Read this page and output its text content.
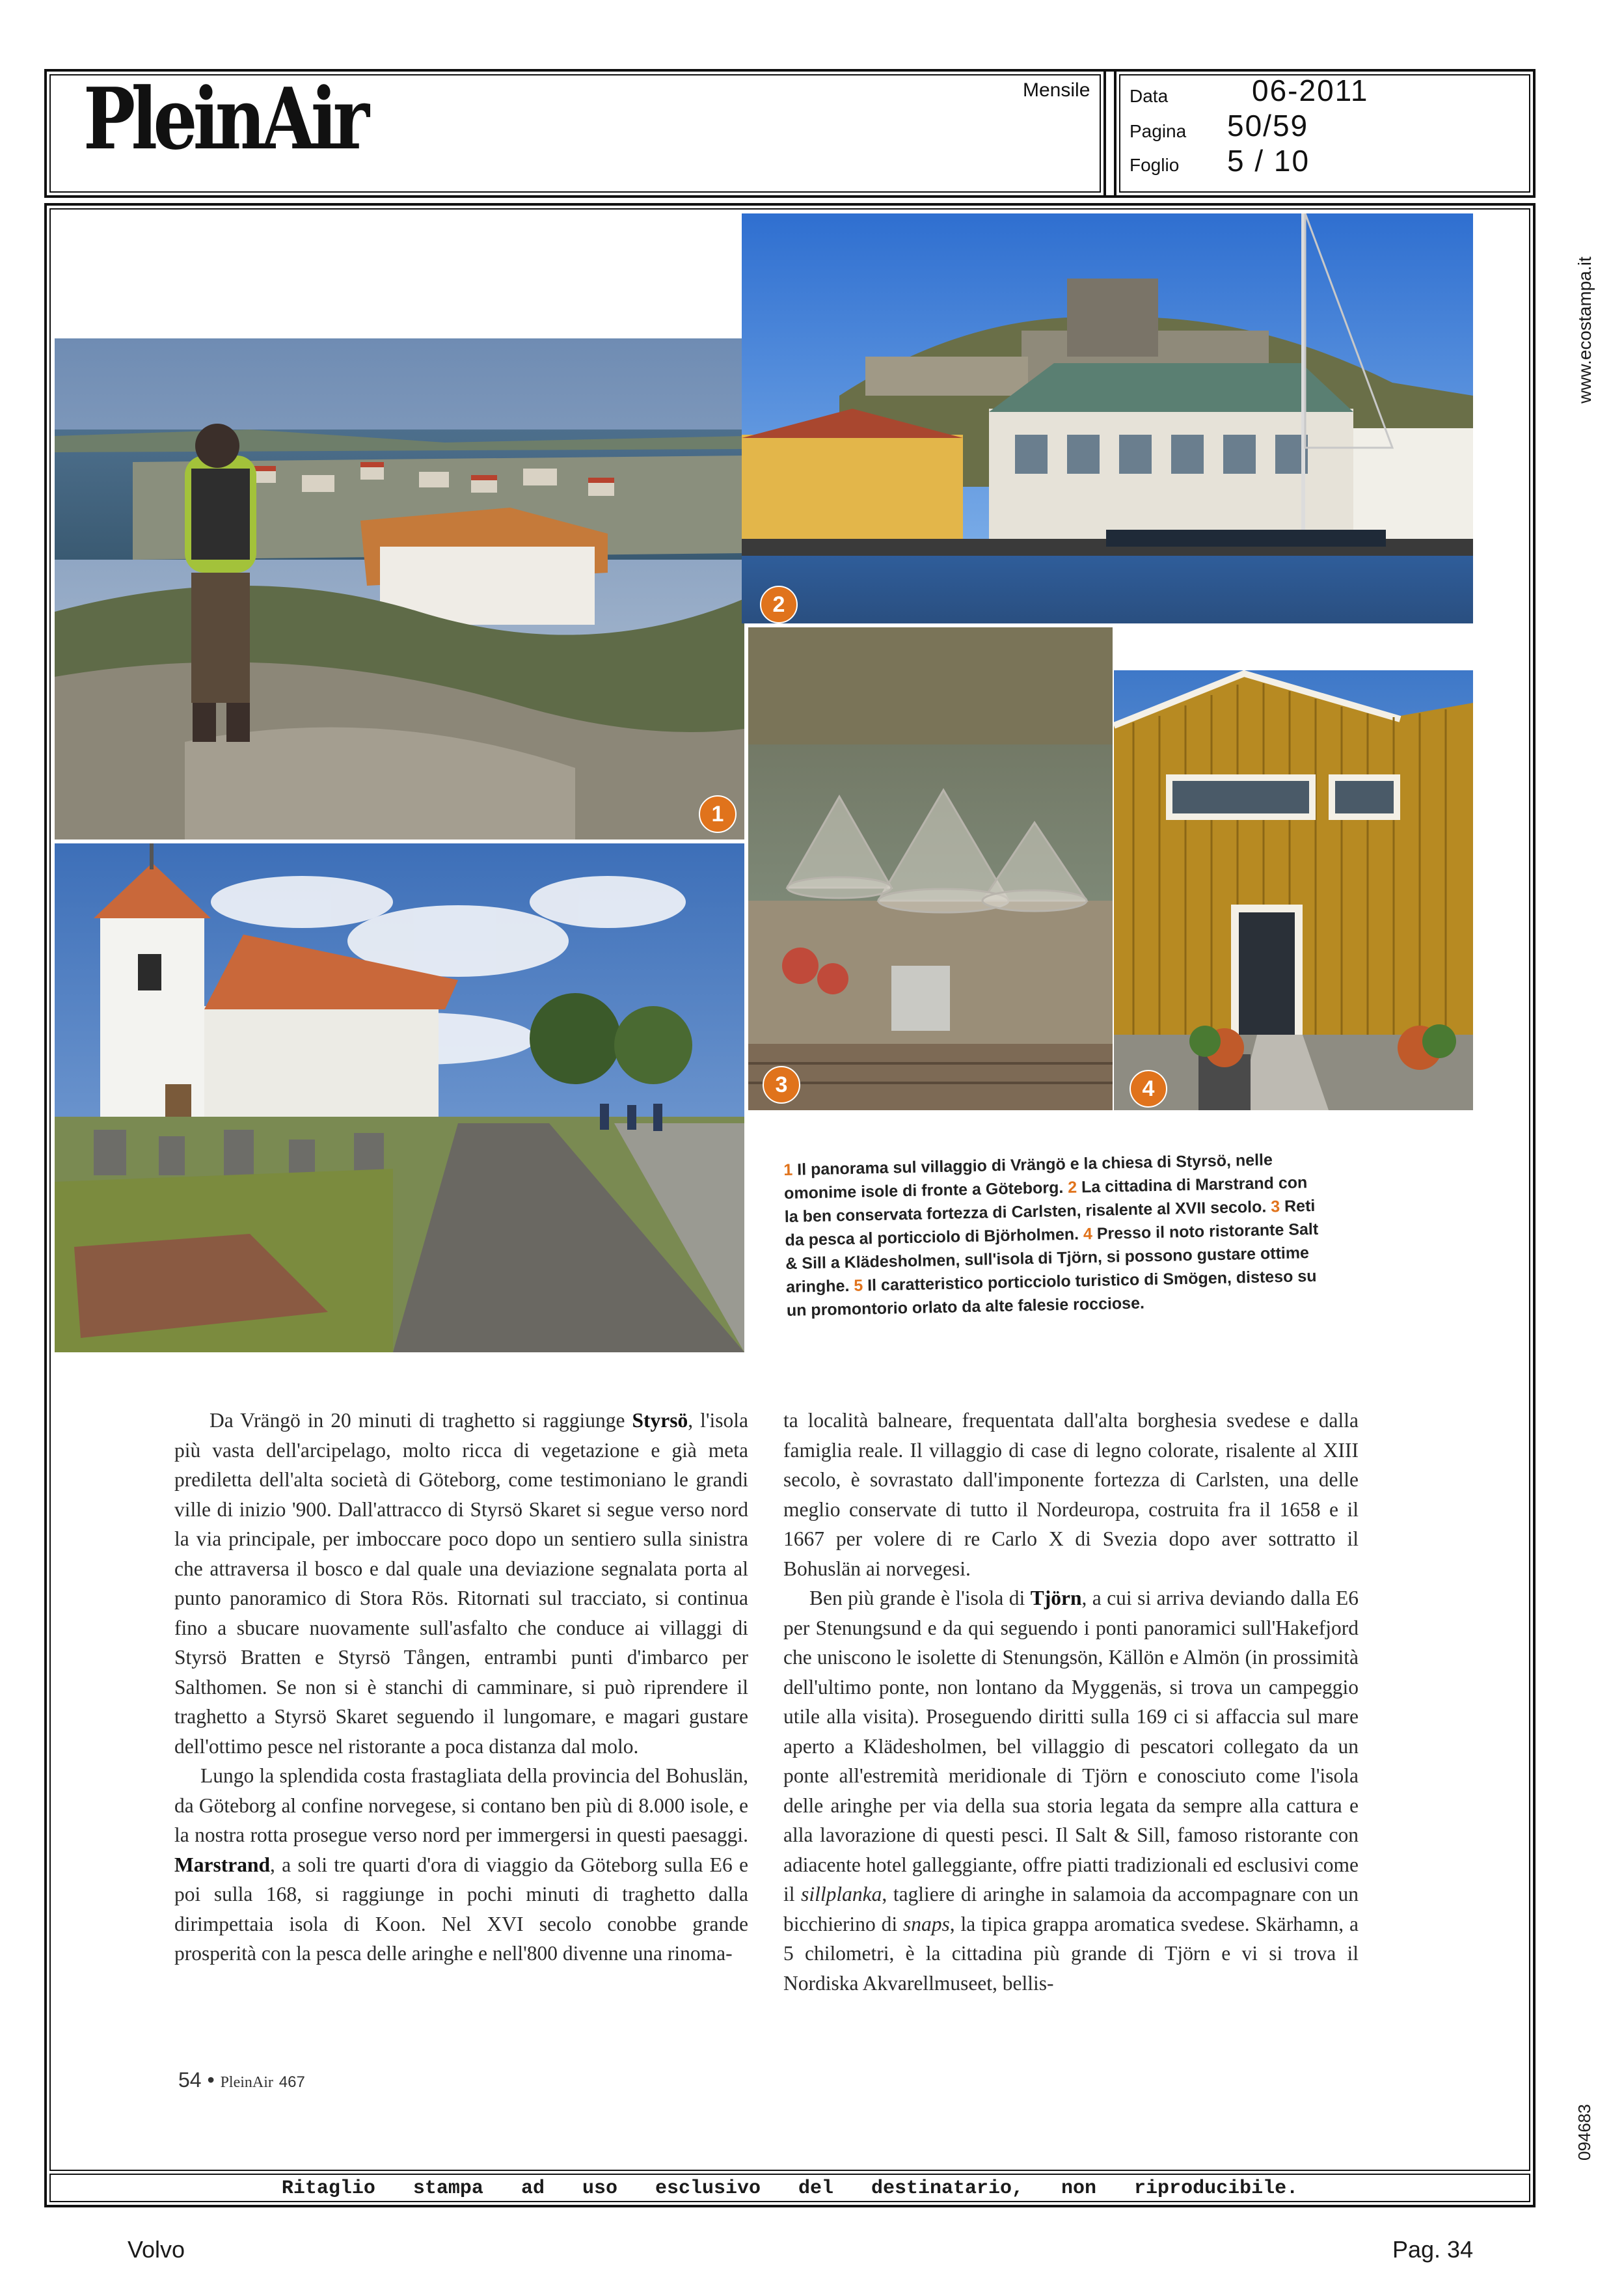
PleinAir	Mensile Data	06-2011
Pagina 50/59
Foglio 5 / 10
www.ecostampa.it
094683
1
2
3	4
1 Il panorama sul villaggio di Vrängö e la chiesa di Styrsö, nelle omonime isole di fronte a Göteborg. 2 La cittadina di Marstrand con la ben conservata fortezza di Carlsten, risalente al XVII secolo. 3 Reti da pesca al porticciolo di Björholmen. 4 Presso il noto ristorante Salt & Sill a Klädesholmen, sull'isola di Tjörn, si possono gustare ottime aringhe. 5 Il caratteristico porticciolo turistico di Smögen, disteso su un promontorio orlato da alte falesie rocciose.

Da Vrängö in 20 minuti di traghetto si raggiunge Styrsö, l'isola più vasta dell'arcipelago, molto ricca di vegetazione e già meta prediletta dell'alta società di Göteborg, come testimoniano le grandi ville di inizio '900. Dall'attracco di Styrsö Skaret si segue verso nord la via principale, per imboccare poco dopo un sentiero sulla sinistra che attraversa il bosco e dal quale una deviazione segnalata porta al punto panoramico di Stora Rös. Ritornati sul tracciato, si continua fino a sbucare nuovamente sull'asfalto che conduce ai villaggi di Styrsö Bratten e Styrsö Tången, entrambi punti d'imbarco per Salthomen. Se non si è stanchi di camminare, si può riprendere il traghetto a Styrsö Skaret seguendo il lungomare, e magari gustare dell'ottimo pesce nel ristorante a poca distanza dal molo.

Lungo la splendida costa frastagliata della provincia del Bohuslän, da Göteborg al confine norvegese, si contano ben più di 8.000 isole, e la nostra rotta prosegue verso nord per immergersi in questi paesaggi. Marstrand, a soli tre quarti d'ora di viaggio da Göteborg sulla E6 e poi sulla 168, si raggiunge in pochi minuti di traghetto dalla dirimpettaia isola di Koon. Nel XVI secolo conobbe grande prosperità con la pesca delle aringhe e nell'800 divenne una rinoma-

ta località balneare, frequentata dall'alta borghesia svedese e dalla famiglia reale. Il villaggio di case di legno colorate, risalente al XIII secolo, è sovrastato dall'imponente fortezza di Carlsten, una delle meglio conservate di tutto il Nordeuropa, costruita fra il 1658 e il 1667 per volere di re Carlo X di Svezia dopo aver sottratto il Bohuslän ai norvegesi.

Ben più grande è l'isola di Tjörn, a cui si arriva deviando dalla E6 per Stenungsund e da qui seguendo i ponti panoramici sull'Hakefjord che uniscono le isolette di Stenungsön, Källön e Almön (in prossimità dell'ultimo ponte, non lontano da Myggenäs, si trova un campeggio utile alla visita). Proseguendo diritti sulla 169 ci si affaccia sul mare aperto a Klädesholmen, bel villaggio di pescatori collegato da un ponte all'estremità meridionale di Tjörn e conosciuto come l'isola delle aringhe per via della sua storia legata da sempre alla cattura e alla lavorazione di questi pesci. Il Salt & Sill, famoso ristorante con adiacente hotel galleggiante, offre piatti tradizionali ed esclusivi come il sillplanka, tagliere di aringhe in salamoia da accompagnare con un bicchierino di snaps, la tipica grappa aromatica svedese. Skärhamn, a 5 chilometri, è la cittadina più grande di Tjörn e vi si trova il Nordiska Akvarellmuseet, bellis-

54 • PleinAir 467
Ritaglio stampa ad uso esclusivo del destinatario, non riproducibile.
Volvo	Pag. 34
